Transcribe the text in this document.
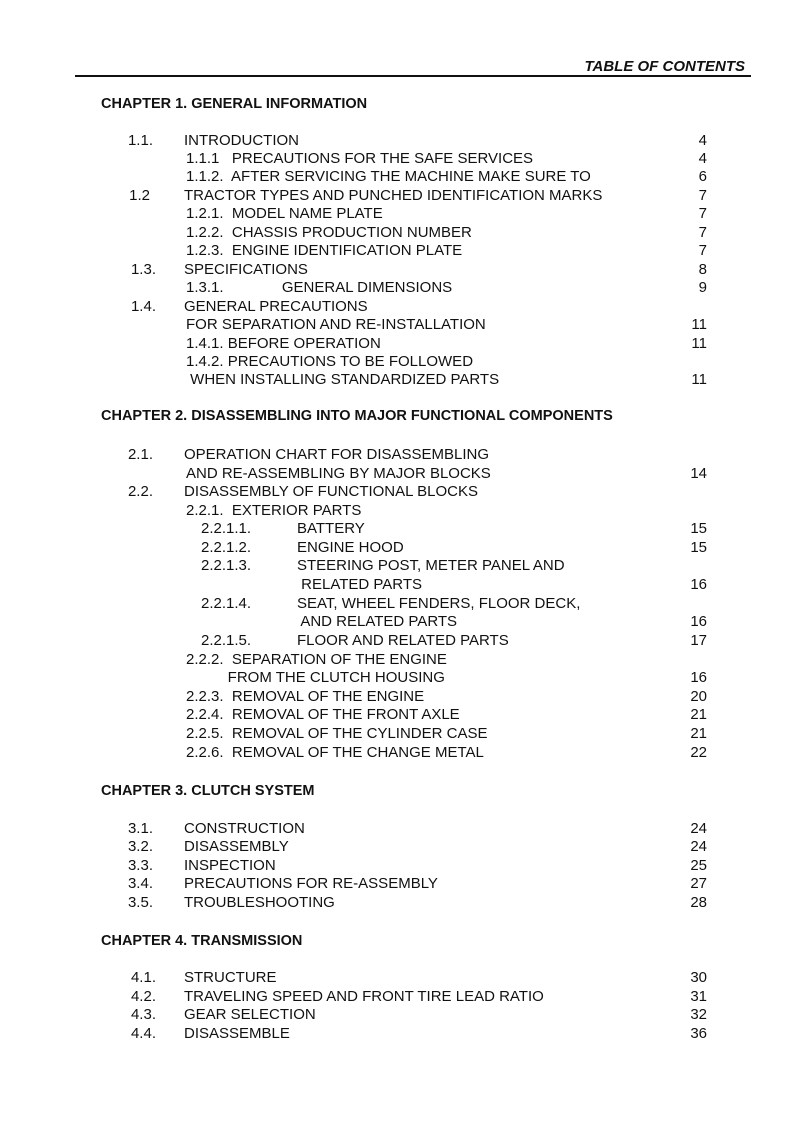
TABLE OF CONTENTS
CHAPTER 1. GENERAL INFORMATION
1.1. INTRODUCTION	4
1.1.1   PRECAUTIONS FOR THE SAFE SERVICES	4
1.1.2.  AFTER SERVICING THE MACHINE MAKE SURE TO	6
1.2 TRACTOR TYPES AND PUNCHED IDENTIFICATION MARKS	7
1.2.1.  MODEL NAME PLATE	7
1.2.2.  CHASSIS PRODUCTION NUMBER	7
1.2.3.  ENGINE IDENTIFICATION PLATE	7
1.3. SPECIFICATIONS	8
1.3.1.              GENERAL DIMENSIONS	9
1.4. GENERAL PRECAUTIONS
FOR SEPARATION AND RE-INSTALLATION	11
1.4.1. BEFORE OPERATION	11
1.4.2. PRECAUTIONS TO BE FOLLOWED
WHEN INSTALLING STANDARDIZED PARTS	11
CHAPTER 2. DISASSEMBLING INTO MAJOR FUNCTIONAL COMPONENTS
2.1. OPERATION CHART FOR DISASSEMBLING
AND RE-ASSEMBLING BY MAJOR BLOCKS	14
2.2. DISASSEMBLY OF FUNCTIONAL BLOCKS
2.2.1.  EXTERIOR PARTS
2.2.1.1.	BATTERY	15
2.2.1.2.	ENGINE HOOD	15
2.2.1.3.	STEERING POST, METER PANEL AND
RELATED PARTS	16
2.2.1.4.	SEAT, WHEEL FENDERS, FLOOR DECK,
AND RELATED PARTS	16
2.2.1.5.	FLOOR AND RELATED PARTS	17
2.2.2.  SEPARATION OF THE ENGINE
FROM THE CLUTCH HOUSING	16
2.2.3.  REMOVAL OF THE ENGINE	20
2.2.4.  REMOVAL OF THE FRONT AXLE	21
2.2.5.  REMOVAL OF THE CYLINDER CASE	21
2.2.6.  REMOVAL OF THE CHANGE METAL	22
CHAPTER 3. CLUTCH SYSTEM
3.1. CONSTRUCTION	24
3.2. DISASSEMBLY	24
3.3. INSPECTION	25
3.4. PRECAUTIONS FOR RE-ASSEMBLY	27
3.5. TROUBLESHOOTING	28
CHAPTER 4. TRANSMISSION
4.1. STRUCTURE	30
4.2. TRAVELING SPEED AND FRONT TIRE LEAD RATIO	31
4.3. GEAR SELECTION	32
4.4. DISASSEMBLE	36
